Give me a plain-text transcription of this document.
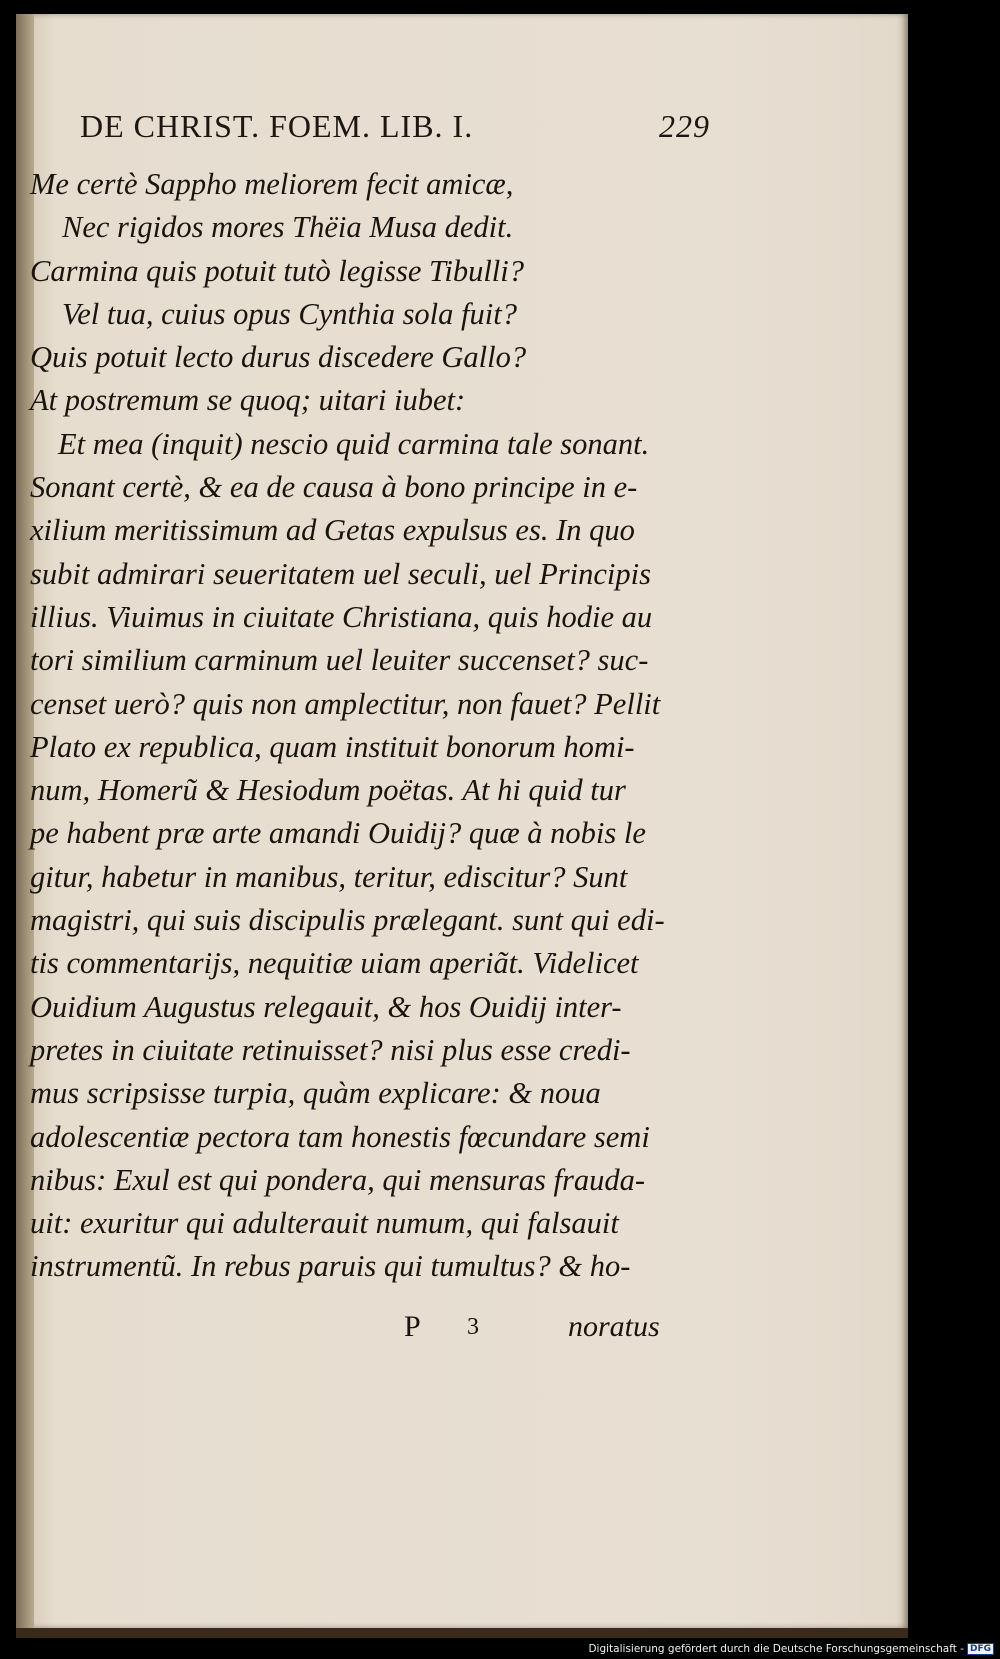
DE CHRIST. FOEM. LIB. I.	229
Me certè Sappho meliorem fecit amicæ,
Nec rigidos mores Thëia Musa dedit.
Carmina quis potuit tutò legisse Tibulli?
Vel tua, cuius opus Cynthia sola fuit?
Quis potuit lecto durus discedere Gallo?
At postremum se quoq; uitari iubet:
Et mea (inquit) nescio quid carmina tale sonant.
Sonant certè, & ea de causa à bono principe in e-
xilium meritissimum ad Getas expulsus es. In quo
subit admirari seueritatem uel seculi, uel Principis
illius. Viuimus in ciuitate Christiana, quis hodie au
tori similium carminum uel leuiter succenset? suc-
censet uerò? quis non amplectitur, non fauet? Pellit
Plato ex republica, quam instituit bonorum homi-
num, Homerũ & Hesiodum poëtas. At hi quid tur
pe habent præ arte amandi Ouidij? quæ à nobis le
gitur, habetur in manibus, teritur, ediscitur? Sunt
magistri, qui suis discipulis prælegant. sunt qui edi-
tis commentarijs, nequitiæ uiam aperiãt. Videlicet
Ouidium Augustus relegauit, & hos Ouidij inter-
pretes in ciuitate retinuisset? nisi plus esse credi-
mus scripsisse turpia, quàm explicare: & noua
adolescentiæ pectora tam honestis fœcundare semi
nibus: Exul est qui pondera, qui mensuras frauda-
uit: exuritur qui adulterauit numum, qui falsauit
instrumentũ. In rebus paruis qui tumultus? & ho-
P 3	noratus
Digitalisierung gefördert durch die Deutsche Forschungsgemeinschaft - DFG
